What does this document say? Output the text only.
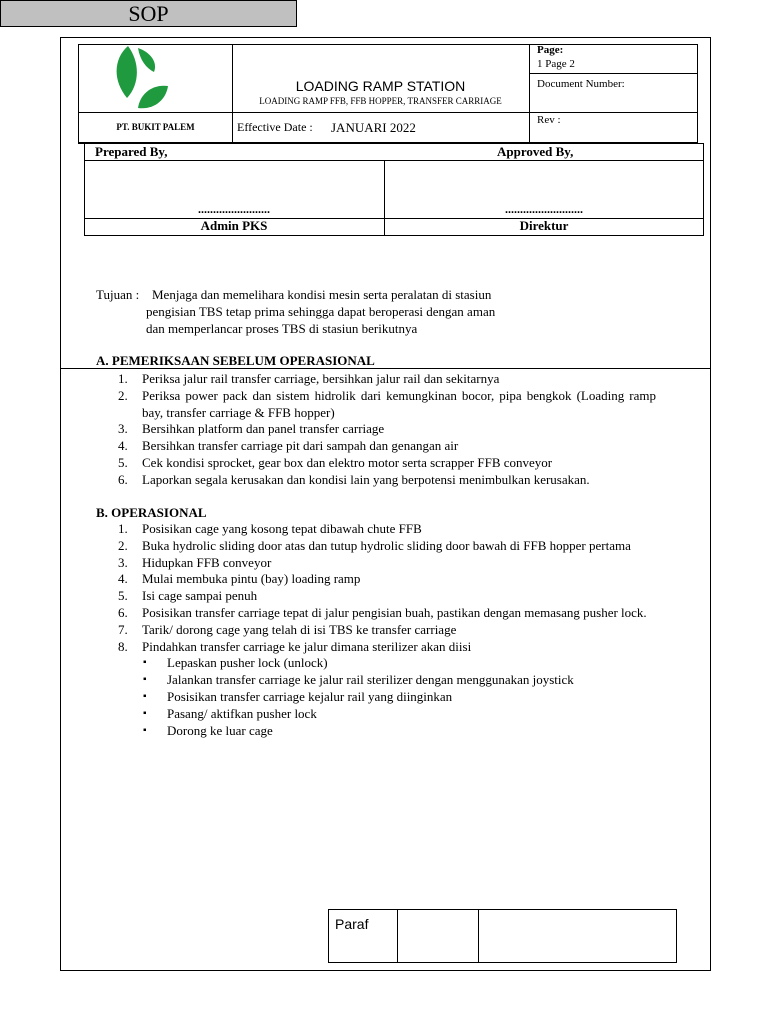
SOP
LOADING RAMP STATION
LOADING RAMP FFB, FFB HOPPER, TRANSFER CARRIAGE
Page:
1 Page 2
Document Number:
PT. BUKIT PALEM	Effective Date : JANUARI 2022	Rev :
Prepared By,	Approved By,
........................	..........................
Admin PKS	Direktur
Tujuan : Menjaga dan memelihara kondisi mesin serta peralatan di stasiun
pengisian TBS tetap prima sehingga dapat beroperasi dengan aman
dan memperlancar proses TBS di stasiun berikutnya
A. PEMERIKSAAN SEBELUM OPERASIONAL
1. Periksa jalur rail transfer carriage, bersihkan jalur rail dan sekitarnya
2. Periksa power pack dan sistem hidrolik dari kemungkinan bocor, pipa bengkok (Loading ramp bay, transfer carriage & FFB hopper)
3. Bersihkan platform dan panel transfer carriage
4. Bersihkan transfer carriage pit dari sampah dan genangan air
5. Cek kondisi sprocket, gear box dan elektro motor serta scrapper FFB conveyor
6. Laporkan segala kerusakan dan kondisi lain yang berpotensi menimbulkan kerusakan.
B. OPERASIONAL
1. Posisikan cage yang kosong tepat dibawah chute FFB
2. Buka hydrolic sliding door atas dan tutup hydrolic sliding door bawah di FFB hopper pertama
3. Hidupkan FFB conveyor
4. Mulai membuka pintu (bay) loading ramp
5. Isi cage sampai penuh
6. Posisikan transfer carriage tepat di jalur pengisian buah, pastikan dengan memasang pusher lock.
7. Tarik/ dorong cage yang telah di isi TBS ke transfer carriage
8. Pindahkan transfer carriage ke jalur dimana sterilizer akan diisi
▪ Lepaskan pusher lock (unlock)
▪ Jalankan transfer carriage ke jalur rail sterilizer dengan menggunakan joystick
▪ Posisikan transfer carriage kejalur rail yang diinginkan
▪ Pasang/ aktifkan pusher lock
▪ Dorong ke luar cage
Paraf
